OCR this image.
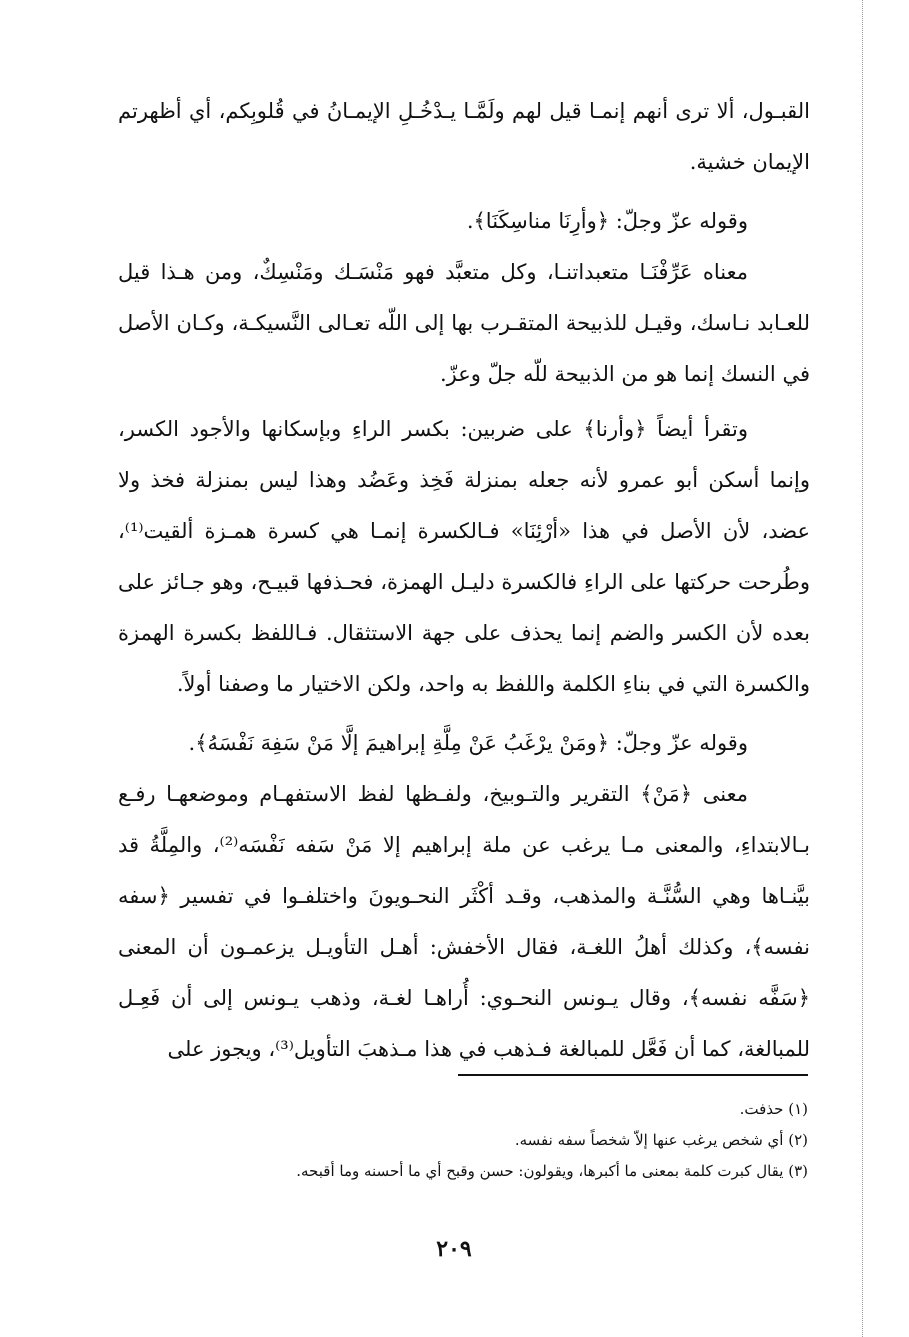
القبـول، ألا ترى أنهم إنمـا قيل لهم ولَمَّـا يـدْخُـلِ الإيمـانُ في قُلوبِكم، أي أظهرتم الإيمان خشية.

وقوله عزّ وجلّ: ﴿وأرِنَا مناسِكَنَا﴾.

معناه عَرِّفْنَـا متعبداتنـا، وكل متعبَّد فهو مَنْسَـك ومَنْسِكٌ، ومن هـذا قيل للعـابد نـاسك، وقيـل للذبيحة المتقـرب بها إلى اللّه تعـالى النَّسيكـة، وكـان الأصل في النسك إنما هو من الذبيحة للّه جلّ وعزّ.

وتقرأ أيضاً ﴿وأرنا﴾ على ضربين: بكسر الراءِ وبإسكانها والأجود الكسر، وإنما أسكن أبو عمرو لأنه جعله بمنزلة فَخِذ وعَضُد وهذا ليس بمنزلة فخذ ولا عضد، لأن الأصل في هذا «أرْئِنَا» فـالكسرة إنمـا هي كسرة همـزة ألقيت⁽¹⁾، وطُرحت حركتها على الراءِ فالكسرة دليـل الهمزة، فحـذفها قبيـح، وهو جـائز على بعده لأن الكسر والضم إنما يحذف على جهة الاستثقال. فـاللفظ بكسرة الهمزة والكسرة التي في بناءِ الكلمة واللفظ به واحد، ولكن الاختيار ما وصفنا أولاً.

وقوله عزّ وجلّ: ﴿ومَنْ يرْغَبُ عَنْ مِلَّةِ إبراهيمَ إلَّا مَنْ سَفِهَ نَفْسَهُ﴾.

معنى ﴿مَنْ﴾ التقرير والتـوبيخ، ولفـظها لفظ الاستفهـام وموضعهـا رفـع بـالابتداءِ، والمعنى مـا يرغب عن ملة إبراهيم إلا مَنْ سَفه نَفْسَه⁽²⁾، والمِلَّةُ قد بيَّنـاها وهي السُّنَّـة والمذهب، وقـد أكْثَر النحـويونَ واختلفـوا في تفسير ﴿سفه نفسه﴾، وكذلك أهلُ اللغـة، فقال الأخفش: أهـل التأويـل يزعمـون أن المعنى ﴿سَفَّه نفسه﴾، وقال يـونس النحـوي: أُراهـا لغـة، وذهب يـونس إلى أن فَعِـل للمبالغة، كما أن فَعَّل للمبالغة فـذهب في هذا مـذهبَ التأويل⁽³⁾، ويجوز على

(١) حذفت.

(٢) أي شخص يرغب عنها إلاّ شخصاً سفه نفسه.

(٣) يقال كبرت كلمة بمعنى ما أكبرها، ويقولون: حسن وقبح أي ما أحسنه وما أقبحه.

٢٠٩
